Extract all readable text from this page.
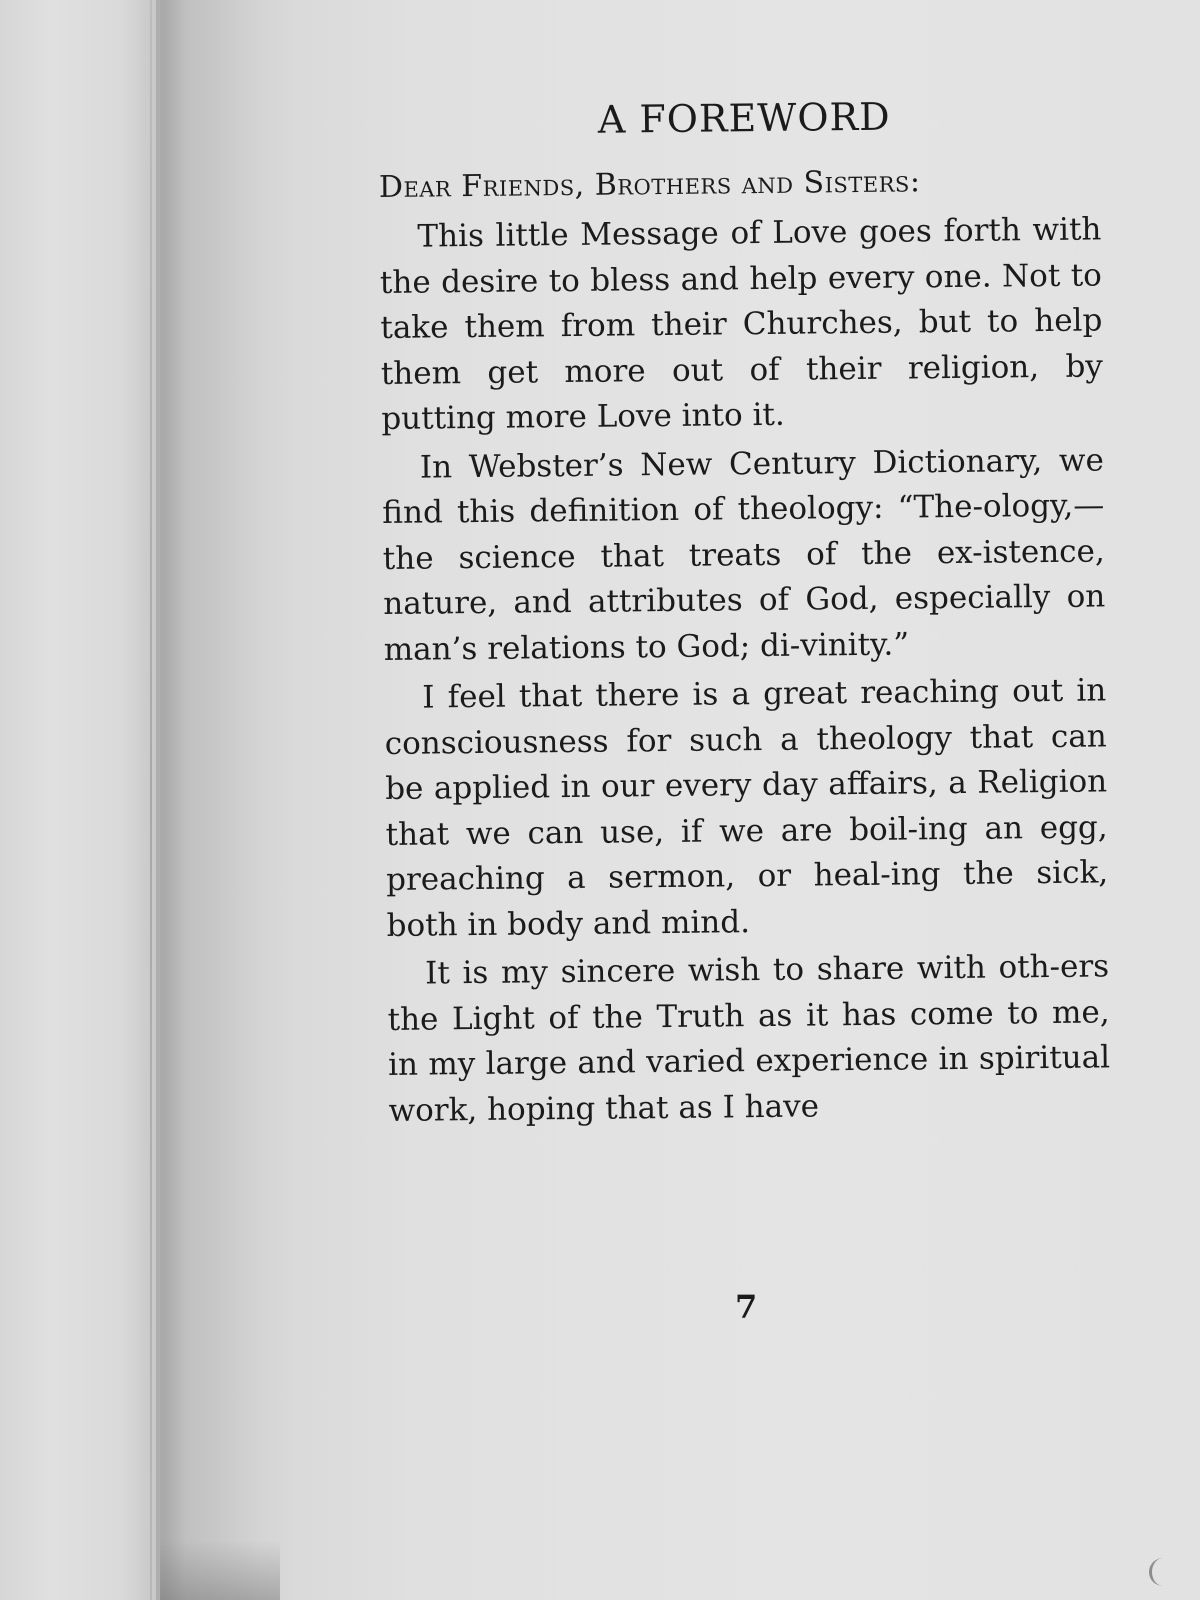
A FOREWORD

Dear Friends, Brothers and Sisters:

This little Message of Love goes forth with the desire to bless and help every one. Not to take them from their Churches, but to help them get more out of their religion, by putting more Love into it.

In Webster’s New Century Dictionary, we find this definition of theology: “The-ology,—the science that treats of the ex-istence, nature, and attributes of God, especially on man’s relations to God; di-vinity.”

I feel that there is a great reaching out in consciousness for such a theology that can be applied in our every day affairs, a Religion that we can use, if we are boil-ing an egg, preaching a sermon, or heal-ing the sick, both in body and mind.

It is my sincere wish to share with oth-ers the Light of the Truth as it has come to me, in my large and varied experience in spiritual work, hoping that as I have

7
